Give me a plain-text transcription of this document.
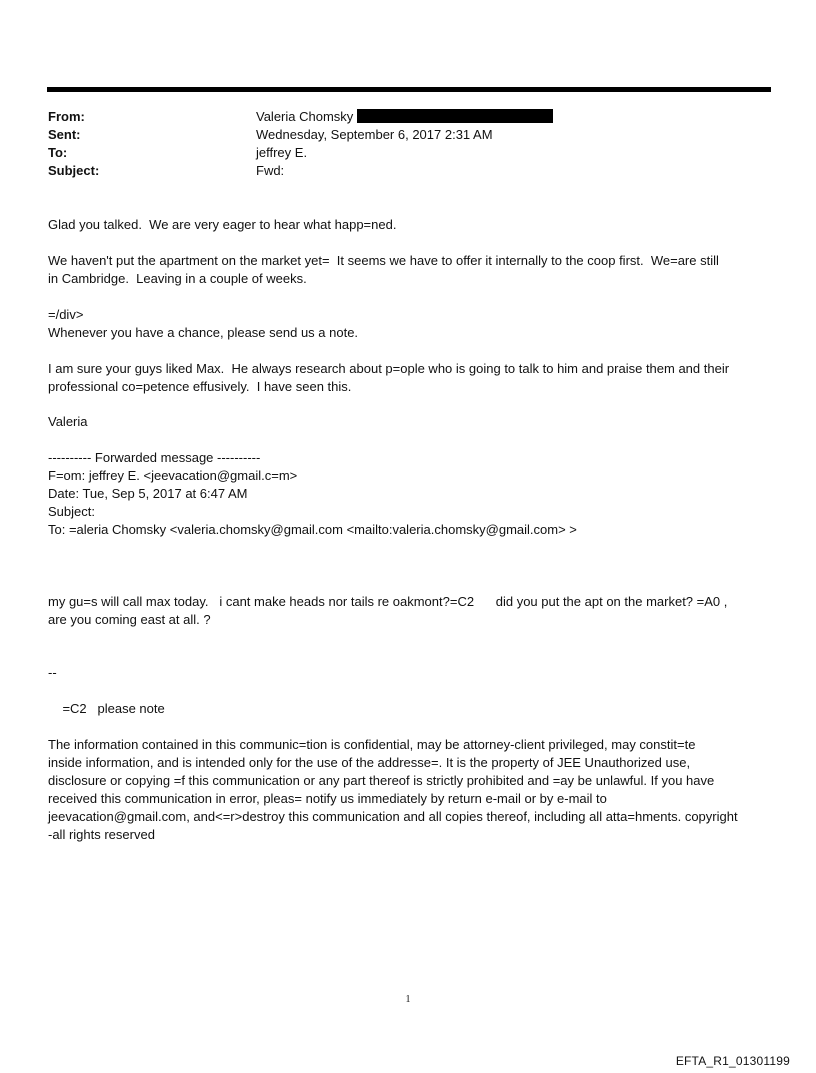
From:	Valeria Chomsky
Sent:	Wednesday, September 6, 2017 2:31 AM
To:	jeffrey E.
Subject:	Fwd:

Glad you talked.  We are very eager to hear what happ=ned.

We haven't put the apartment on the market yet=  It seems we have to offer it internally to the coop first.  We=are still

in Cambridge.  Leaving in a couple of weeks.

=/div>

Whenever you have a chance, please send us a note.

I am sure your guys liked Max.  He always research about p=ople who is going to talk to him and praise them and their

professional co=petence effusively.  I have seen this.

Valeria

---------- Forwarded message ----------

F=om: jeffrey E. <jeevacation@gmail.c=m>

Date: Tue, Sep 5, 2017 at 6:47 AM

Subject:

To: =aleria Chomsky <valeria.chomsky@gmail.com <mailto:valeria.chomsky@gmail.com> >

my gu=s will call max today.   i cant make heads nor tails re oakmont?=C2      did you put the apt on the market? =A0 ,

are you coming east at all. ?

--

=C2   please note

The information contained in this communic=tion is confidential, may be attorney-client privileged, may constit=te

inside information, and is intended only for the use of the addresse=. It is the property of JEE Unauthorized use,

disclosure or copying =f this communication or any part thereof is strictly prohibited and =ay be unlawful. If you have

received this communication in error, pleas= notify us immediately by return e-mail or by e-mail to

jeevacation@gmail.com, and<=r>destroy this communication and all copies thereof, including all atta=hments. copyright

-all rights reserved

1
EFTA_R1_01301199
